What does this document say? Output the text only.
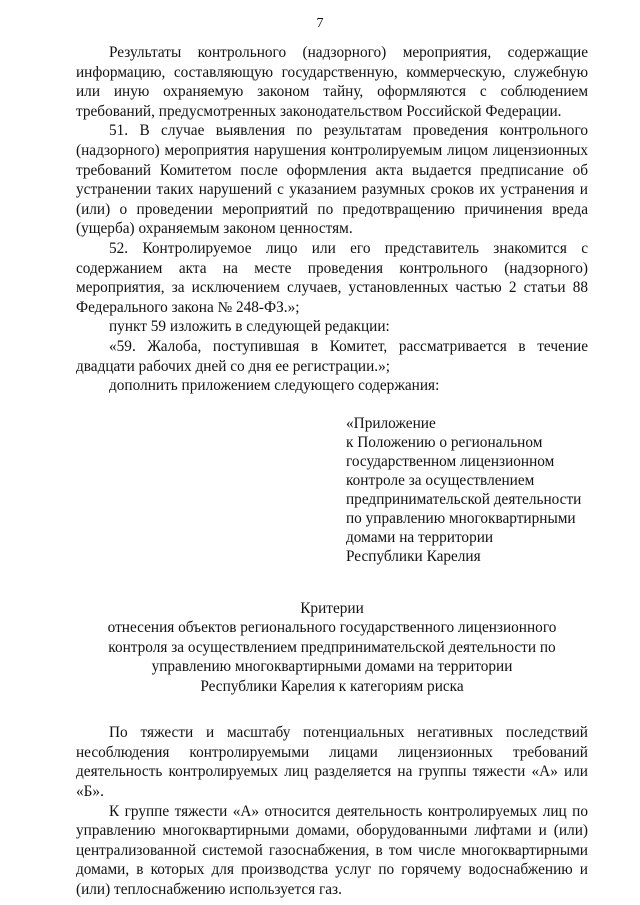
7

Результаты контрольного (надзорного) мероприятия, содержащие информацию, составляющую государственную, коммерческую, служебную или иную охраняемую законом тайну, оформляются с соблюдением требований, предусмотренных законодательством Российской Федерации.

51. В случае выявления по результатам проведения контрольного (надзорного) мероприятия нарушения контролируемым лицом лицензионных требований Комитетом после оформления акта выдается предписание об устранении таких нарушений с указанием разумных сроков их устранения и (или) о проведении мероприятий по предотвращению причинения вреда (ущерба) охраняемым законом ценностям.

52. Контролируемое лицо или его представитель знакомится с содержанием акта на месте проведения контрольного (надзорного) мероприятия, за исключением случаев, установленных частью 2 статьи 88 Федерального закона № 248-ФЗ.»;

пункт 59 изложить в следующей редакции:

«59. Жалоба, поступившая в Комитет, рассматривается в течение двадцати рабочих дней со дня ее регистрации.»;

дополнить приложением следующего содержания:

«Приложение
к Положению о региональном
государственном лицензионном
контроле за осуществлением
предпринимательской деятельности
по управлению многоквартирными
домами на территории
Республики Карелия
Критерии
отнесения объектов регионального государственного лицензионного
контроля за осуществлением предпринимательской деятельности по
управлению многоквартирными домами на территории
Республики Карелия к категориям риска

По тяжести и масштабу потенциальных негативных последствий несоблюдения контролируемыми лицами лицензионных требований деятельность контролируемых лиц разделяется на группы тяжести «А» или «Б».

К группе тяжести «А» относится деятельность контролируемых лиц по управлению многоквартирными домами, оборудованными лифтами и (или) централизованной системой газоснабжения, в том числе многоквартирными домами, в которых для производства услуг по горячему водоснабжению и (или) теплоснабжению используется газ.
